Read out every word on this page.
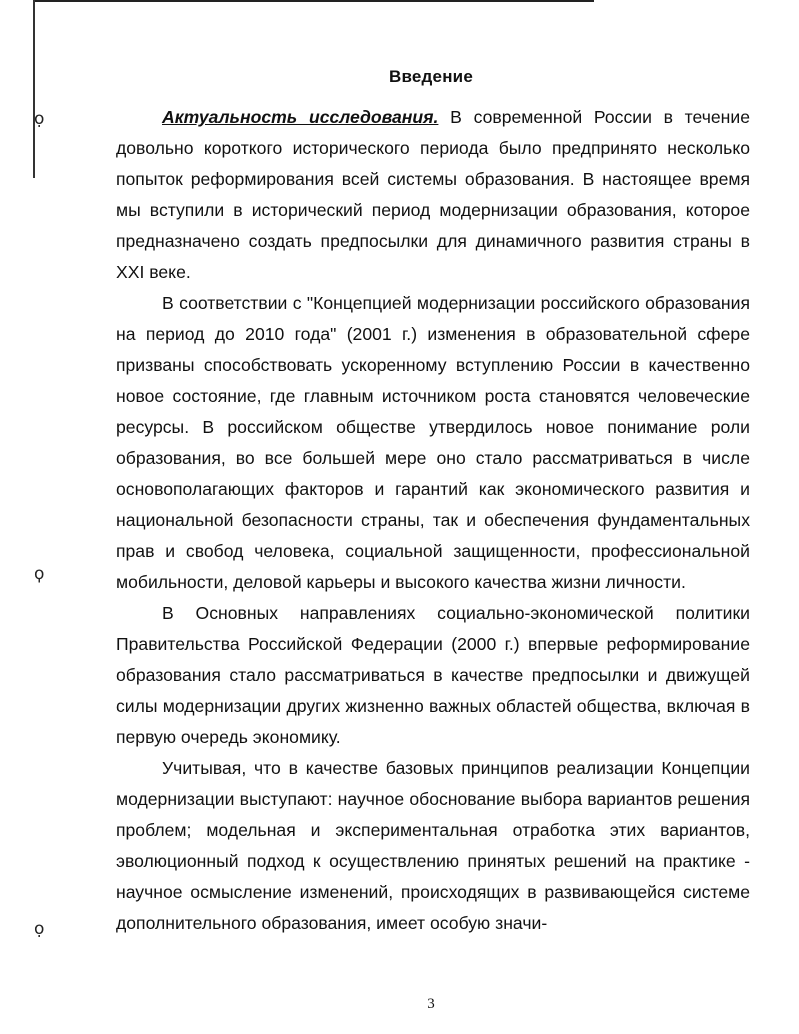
ọ
ϙ
ọ
Введение

Актуальность исследования. В современной России в течение довольно короткого исторического периода было предпринято несколько попыток реформирования всей системы образования. В настоящее время мы вступили в исторический период модернизации образования, которое предназначено создать предпосылки для динамичного развития страны в XXI веке.

В соответствии с "Концепцией модернизации российского образования на период до 2010 года" (2001 г.) изменения в образовательной сфере призваны способствовать ускоренному вступлению России в качественно новое состояние, где главным источником роста становятся человеческие ресурсы. В российском обществе утвердилось новое понимание роли образования, во все большей мере оно стало рассматриваться в числе основополагающих факторов и гарантий как экономического развития и национальной безопасности страны, так и обеспечения фундаментальных прав и свобод человека, социальной защищенности, профессиональной мобильности, деловой карьеры и высокого качества жизни личности.

В Основных направлениях социально-экономической политики Правительства Российской Федерации (2000 г.) впервые реформирование образования стало рассматриваться в качестве предпосылки и движущей силы модернизации других жизненно важных областей общества, включая в первую очередь экономику.

Учитывая, что в качестве базовых принципов реализации Концепции модернизации выступают: научное обоснование выбора вариантов решения проблем; модельная и экспериментальная отработка этих вариантов, эволюционный подход к осуществлению принятых решений на практике - научное осмысление изменений, происходящих в развивающейся системе дополнительного образования, имеет особую значи-

3
